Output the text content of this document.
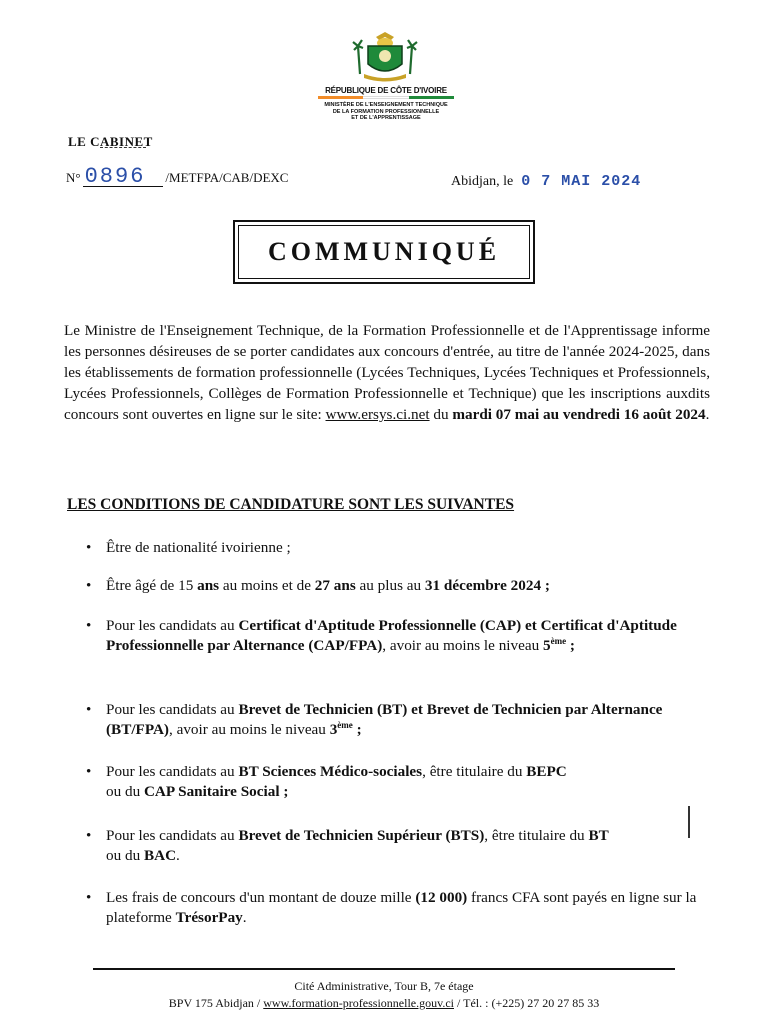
RÉPUBLIQUE DE CÔTE D'IVOIRE
MINISTÈRE DE L'ENSEIGNEMENT TECHNIQUE
DE LA FORMATION PROFESSIONNELLE
ET DE L'APPRENTISSAGE
LE CABINET
N° 0896	/METFPA/CAB/DEXC	Abidjan, le 0 7 MAI 2024
COMMUNIQUÉ
Le Ministre de l'Enseignement Technique, de la Formation Professionnelle et de l'Apprentissage informe les personnes désireuses de se porter candidates aux concours d'entrée, au titre de l'année 2024-2025, dans les établissements de formation professionnelle (Lycées Techniques, Lycées Techniques et Professionnels, Lycées Professionnels, Collèges de Formation Professionnelle et Technique) que les inscriptions auxdits concours sont ouvertes en ligne sur le site: www.ersys.ci.net du mardi 07 mai au vendredi 16 août 2024.
LES CONDITIONS DE CANDIDATURE SONT LES SUIVANTES
• Être de nationalité ivoirienne ;
• Être âgé de 15 ans au moins et de 27 ans au plus au 31 décembre 2024 ;
• Pour les candidats au Certificat d'Aptitude Professionnelle (CAP) et Certificat d'Aptitude Professionnelle par Alternance (CAP/FPA), avoir au moins le niveau 5ème ;
• Pour les candidats au Brevet de Technicien (BT) et Brevet de Technicien par Alternance (BT/FPA), avoir au moins le niveau 3ème ;
• Pour les candidats au BT Sciences Médico-sociales, être titulaire du BEPC
ou du CAP Sanitaire Social ;
• Pour les candidats au Brevet de Technicien Supérieur (BTS), être titulaire du BT
ou du BAC.
• Les frais de concours d'un montant de douze mille (12 000) francs CFA sont payés en ligne sur la plateforme TrésorPay.
Cité Administrative, Tour B, 7e étage
BPV 175 Abidjan / www.formation-professionnelle.gouv.ci / Tél. : (+225) 27 20 27 85 33
